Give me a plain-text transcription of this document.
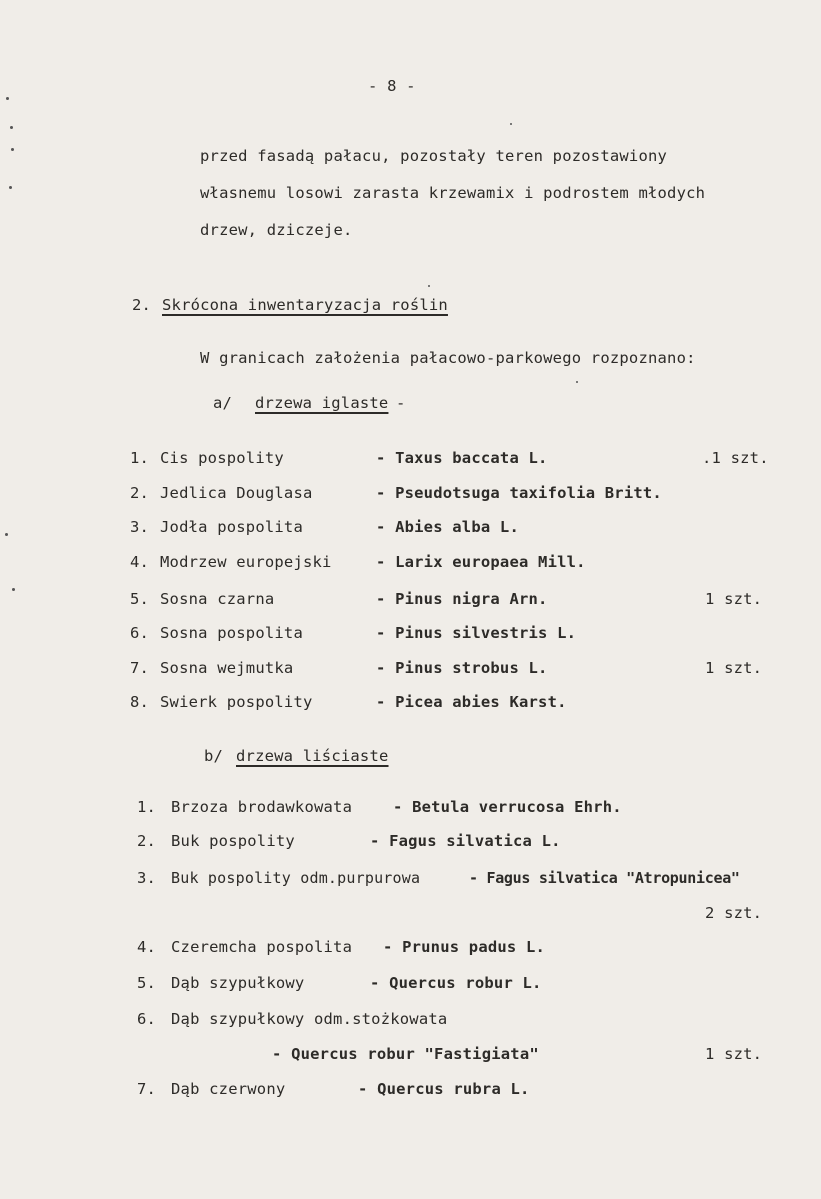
- 8 -
przed fasadą pałacu, pozostały teren pozostawiony
własnemu losowi zarasta krzewamix i podrostem młodych
drzew, dziczeje.
2. Skrócona inwentaryzacja roślin
W granicach założenia pałacowo-parkowego rozpoznano:
a/ drzewa iglaste -
1. Cis pospolity	- Taxus baccata L.	.1 szt.
2. Jedlica Douglasa	- Pseudotsuga taxifolia Britt.
3. Jodła pospolita	- Abies alba L.
4. Modrzew europejski	- Larix europaea Mill.
5. Sosna czarna	- Pinus nigra Arn.	1 szt.
6. Sosna pospolita	- Pinus silvestris L.
7. Sosna wejmutka	- Pinus strobus L.	1 szt.
8. Swierk pospolity	- Picea abies Karst.
b/ drzewa liściaste
1. Brzoza brodawkowata	- Betula verrucosa Ehrh.
2. Buk pospolity	- Fagus silvatica L.
3. Buk pospolity odm.purpurowa	- Fagus silvatica "Atropunicea"
2 szt.
4. Czeremcha pospolita - Prunus padus L.
5. Dąb szypułkowy	- Quercus robur L.
6. Dąb szypułkowy odm.stożkowata
- Quercus robur "Fastigiata"	1 szt.
7. Dąb czerwony	- Quercus rubra L.
